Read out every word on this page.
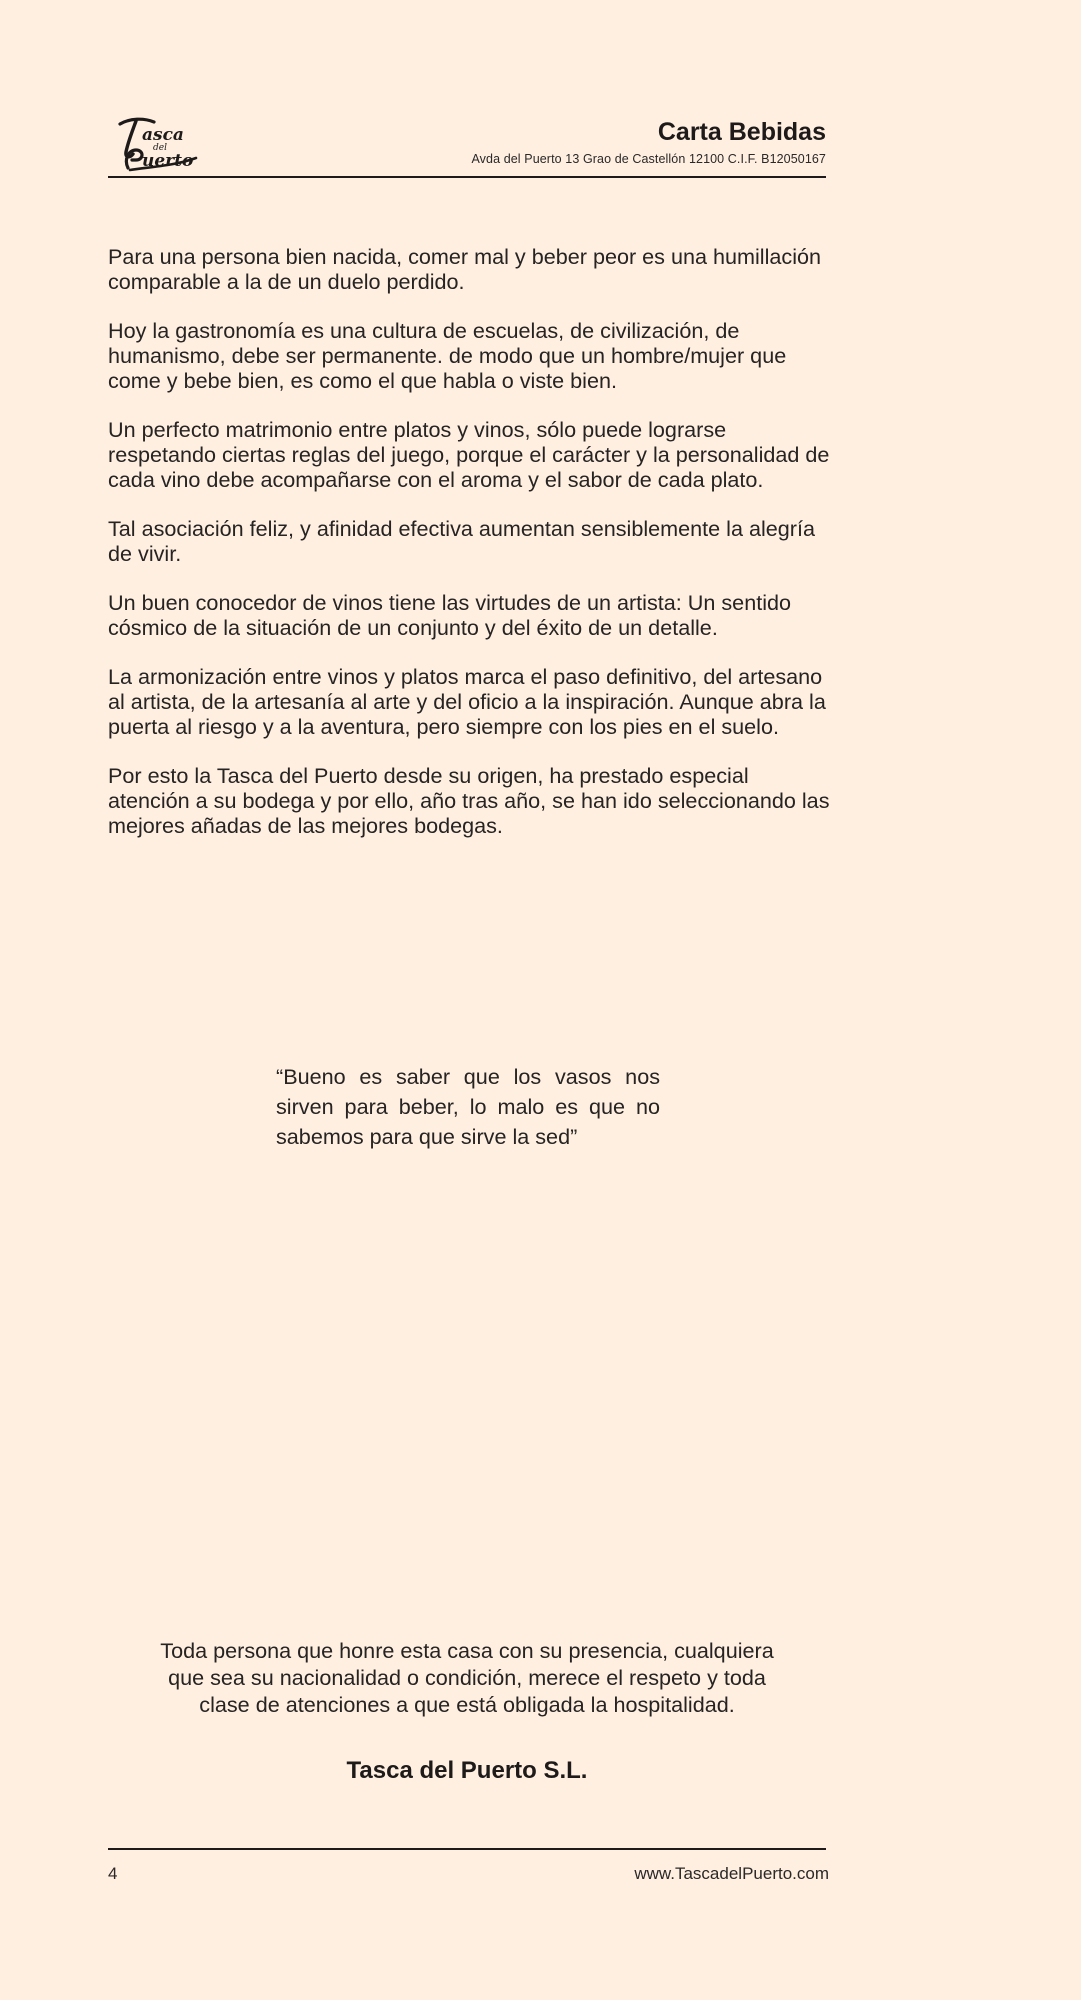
asca
del
uerto
Tasca del Puerto
Carta Bebidas
Avda del Puerto 13 Grao de Castellón 12100 C.I.F. B12050167

Para una persona bien nacida, comer mal y beber peor es una humillación comparable a la de un duelo perdido.

Hoy la gastronomía es una cultura de escuelas, de civilización, de humanismo, debe ser permanente. de modo que un hombre/mujer que come y bebe bien, es como el que habla o viste bien.

Un perfecto matrimonio entre platos y vinos, sólo puede lograrse respetando ciertas reglas del juego, porque el carácter y la personalidad de cada vino debe acompañarse con el aroma y el sabor de cada plato.

Tal asociación feliz, y afinidad efectiva aumentan sensiblemente la alegría de vivir.

Un buen conocedor de vinos tiene las virtudes de un artista: Un sentido cósmico de la situación de un conjunto y del éxito de un detalle.

La armonización entre vinos y platos marca el paso definitivo, del artesano al artista, de la artesanía al arte y del oficio a la inspiración. Aunque abra la puerta al riesgo y a la aventura, pero siempre con los pies en el suelo.

Por esto la Tasca del Puerto desde su origen, ha prestado especial atención a su bodega y por ello, año tras año, se han ido seleccionando las mejores añadas de las mejores bodegas.

“Bueno es saber que los vasos nos sirven para beber, lo malo es que no sabemos para que sirve la sed”
Toda persona que honre esta casa con su presencia, cualquiera que sea su nacionalidad o condición, merece el respeto y toda clase de atenciones a que está obligada la hospitalidad.
Tasca del Puerto S.L.
4	www.TascadelPuerto.com
